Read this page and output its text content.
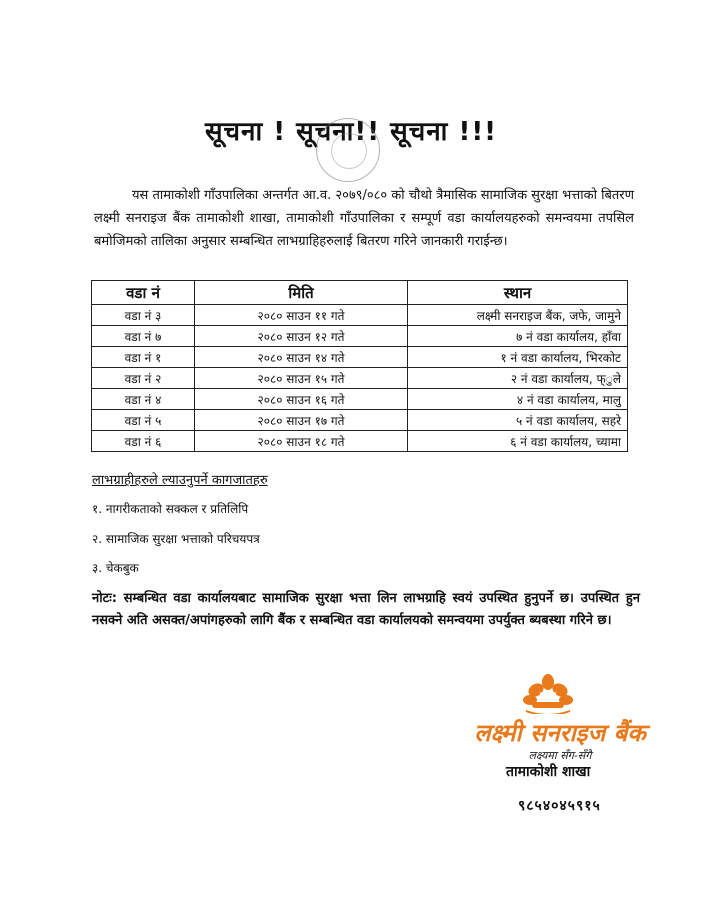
सूचना ! सूचना!! सूचना !!!
यस तामाकोशी गाँउपालिका अन्तर्गत आ.व. २०७९/०८० को चौथो त्रैमासिक सामाजिक सुरक्षा भत्ताको बितरण लक्ष्मी सनराइज बैंक तामाकोशी शाखा, तामाकोशी गाँउपालिका र सम्पूर्ण वडा कार्यालयहरुको समन्वयमा तपसिल बमोजिमको तालिका अनुसार सम्बन्धित लाभग्राहिहरुलाई बितरण गरिने जानकारी गराईन्छ।
वडा नं	मिति	स्थान
वडा नं ३	२०८० साउन ११ गते	लक्ष्मी सनराइज बैंक, जफे, जामुने
वडा नं ७	२०८० साउन १२ गते	७ नं वडा कार्यालय, हाँवा
वडा नं १	२०८० साउन १४ गते	१ नं वडा कार्यालय, भिरकोट
वडा नं २	२०८० साउन १५ गते	२ नं वडा कार्यालय, फ्ुले
वडा नं ४	२०८० साउन १६ गते	४ नं वडा कार्यालय, मालु
वडा नं ५	२०८० साउन १७ गते	५ नं वडा कार्यालय, सहरे
वडा नं ६	२०८० साउन १८ गते	६ नं वडा कार्यालय, च्यामा
लाभग्राहीहरुले ल्याउनुपर्ने कागजातहरु
१. नागरीकताको सक्कल र प्रतिलिपि
२. सामाजिक सुरक्षा भत्ताको परिचयपत्र
३. चेकबुक
नोटः: सम्बन्धित वडा कार्यालयबाट सामाजिक सुरक्षा भत्ता लिन लाभग्राहि स्वयं उपस्थित हुनुपर्ने छ। उपस्थित हुन नसक्ने अति असक्त/अपांगहरुको लागि बैंक र सम्बन्धित वडा कार्यालयको समन्वयमा उपर्युक्त ब्यबस्था गरिने छ।
लक्ष्मी सनराइज बैंक
लक्ष्यमा सँग-सँगै
तामाकोशी शाखा
९८५४०४५९१५
